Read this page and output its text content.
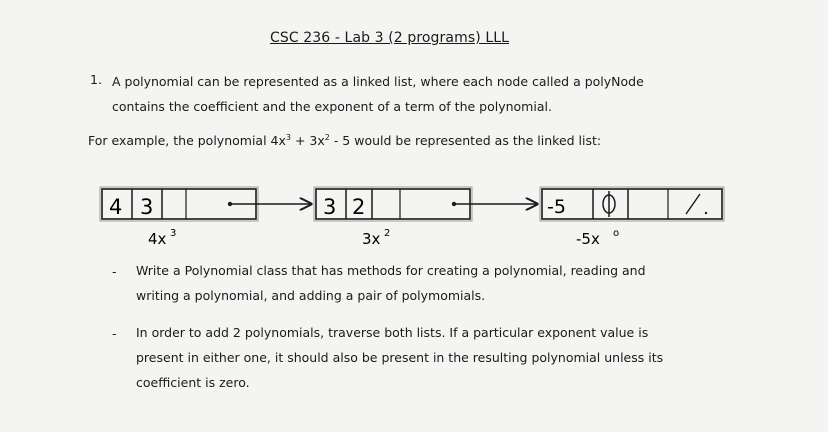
CSC 236 - Lab 3 (2 programs) LLL
1. A polynomial can be represented as a linked list, where each node called a polyNode
contains the coefficient and the exponent of a term of the polynomial.
For example, the polynomial $4x^3 + 3x^2 - 5$ would be represented as the linked list:
4 3
4x 3
3 2
3x 2
-5
-5x o
- Write a Polynomial class that has methods for creating a polynomial, reading and
writing a polynomial, and adding a pair of polymomials.
- In order to add 2 polynomials, traverse both lists. If a particular exponent value is
present in either one, it should also be present in the resulting polynomial unless its
coefficient is zero.
